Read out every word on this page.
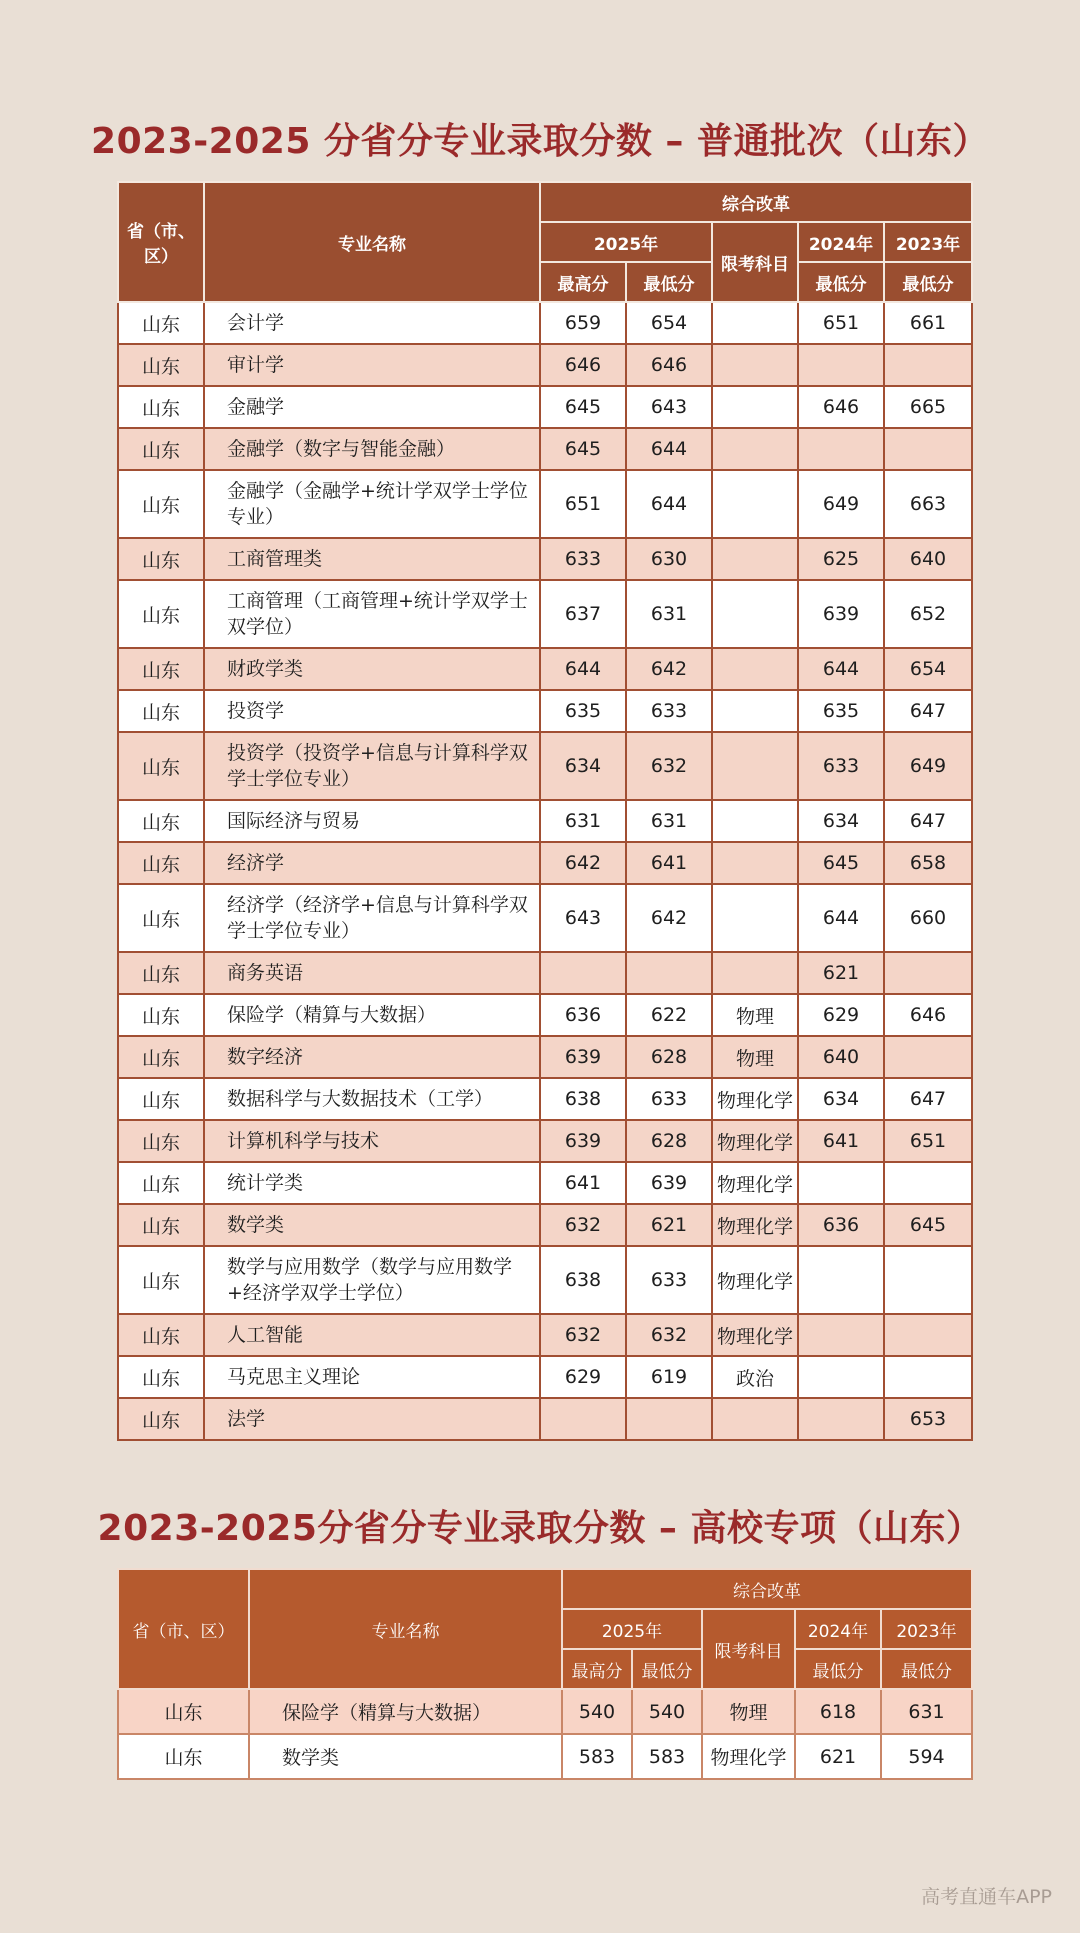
2023-2025 分省分专业录取分数 – 普通批次（山东）
省（市、区）	专业名称	综合改革				
		2025年		限考科目	2024年	2023年
		最高分	最低分		最低分	最低分
山东	会计学	659	654		651	661
山东	审计学	646	646			
山东	金融学	645	643		646	665
山东	金融学（数字与智能金融）	645	644			
山东	金融学（金融学+统计学双学士学位专业）	651	644		649	663
山东	工商管理类	633	630		625	640
山东	工商管理（工商管理+统计学双学士双学位）	637	631		639	652
山东	财政学类	644	642		644	654
山东	投资学	635	633		635	647
山东	投资学（投资学+信息与计算科学双学士学位专业）	634	632		633	649
山东	国际经济与贸易	631	631		634	647
山东	经济学	642	641		645	658
山东	经济学（经济学+信息与计算科学双学士学位专业）	643	642		644	660
山东	商务英语				621	
山东	保险学（精算与大数据）	636	622	物理	629	646
山东	数字经济	639	628	物理	640	
山东	数据科学与大数据技术（工学）	638	633	物理化学	634	647
山东	计算机科学与技术	639	628	物理化学	641	651
山东	统计学类	641	639	物理化学		
山东	数学类	632	621	物理化学	636	645
山东	数学与应用数学（数学与应用数学+经济学双学士学位）	638	633	物理化学		
山东	人工智能	632	632	物理化学		
山东	马克思主义理论	629	619	政治		
山东	法学					653
2023-2025分省分专业录取分数 – 高校专项（山东）
省（市、区）	专业名称	综合改革				
		2025年		限考科目	2024年	2023年
		最高分	最低分		最低分	最低分
山东	保险学（精算与大数据）	540	540	物理	618	631
山东	数学类	583	583	物理化学	621	594
高考直通车APP
